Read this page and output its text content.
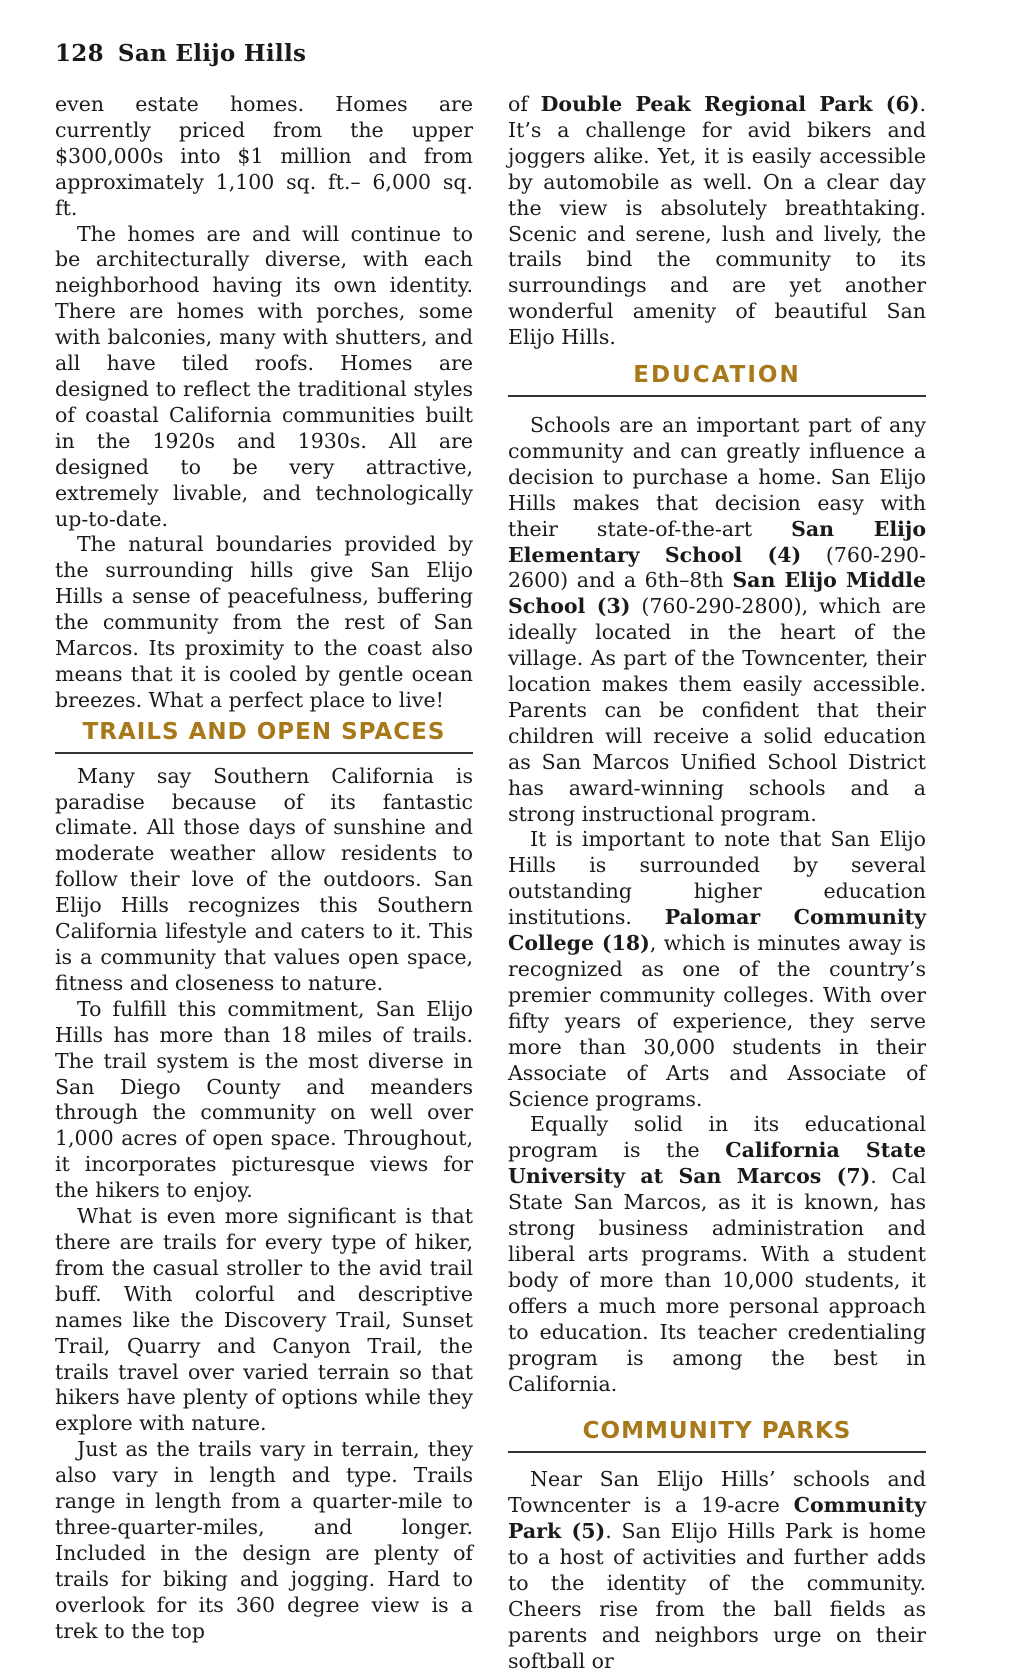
128 San Elijo Hills

even estate homes. Homes are currently priced from the upper $300,000s into $1 million and from approximately 1,100 sq. ft.– 6,000 sq. ft.

The homes are and will continue to be architecturally diverse, with each neighborhood having its own identity. There are homes with porches, some with balconies, many with shutters, and all have tiled roofs. Homes are designed to reflect the traditional styles of coastal California communities built in the 1920s and 1930s. All are designed to be very attractive, extremely livable, and technologically up-to-date.

The natural boundaries provided by the surrounding hills give San Elijo Hills a sense of peacefulness, buffering the community from the rest of San Marcos. Its proximity to the coast also means that it is cooled by gentle ocean breezes. What a perfect place to live!

TRAILS AND OPEN SPACES

Many say Southern California is paradise because of its fantastic climate. All those days of sunshine and moderate weather allow residents to follow their love of the outdoors. San Elijo Hills recognizes this Southern California lifestyle and caters to it. This is a community that values open space, fitness and closeness to nature.

To fulfill this commitment, San Elijo Hills has more than 18 miles of trails. The trail system is the most diverse in San Diego County and meanders through the community on well over 1,000 acres of open space. Throughout, it incorporates picturesque views for the hikers to enjoy.

What is even more significant is that there are trails for every type of hiker, from the casual stroller to the avid trail buff. With colorful and descriptive names like the Discovery Trail, Sunset Trail, Quarry and Canyon Trail, the trails travel over varied terrain so that hikers have plenty of options while they explore with nature.

Just as the trails vary in terrain, they also vary in length and type. Trails range in length from a quarter-mile to three-quarter-miles, and longer. Included in the design are plenty of trails for biking and jogging. Hard to overlook for its 360 degree view is a trek to the top

of Double Peak Regional Park (6). It’s a challenge for avid bikers and joggers alike. Yet, it is easily accessible by automobile as well. On a clear day the view is absolutely breathtaking. Scenic and serene, lush and lively, the trails bind the community to its surroundings and are yet another wonderful amenity of beautiful San Elijo Hills.

EDUCATION

Schools are an important part of any community and can greatly influence a decision to purchase a home. San Elijo Hills makes that decision easy with their state-of-the-art San Elijo Elementary School (4) (760-290-2600) and a 6th–8th San Elijo Middle School (3) (760-290-2800), which are ideally located in the heart of the village. As part of the Towncenter, their location makes them easily accessible. Parents can be confident that their children will receive a solid education as San Marcos Unified School District has award-winning schools and a strong instructional program.

It is important to note that San Elijo Hills is surrounded by several outstanding higher education institutions. Palomar Community College (18), which is minutes away is recognized as one of the country’s premier community colleges. With over fifty years of experience, they serve more than 30,000 students in their Associate of Arts and Associate of Science programs.

Equally solid in its educational program is the California State University at San Marcos (7). Cal State San Marcos, as it is known, has strong business administration and liberal arts programs. With a student body of more than 10,000 students, it offers a much more personal approach to education. Its teacher credentialing program is among the best in California.

COMMUNITY PARKS

Near San Elijo Hills’ schools and Towncenter is a 19-acre Community Park (5). San Elijo Hills Park is home to a host of activities and further adds to the identity of the community. Cheers rise from the ball fields as parents and neighbors urge on their softball or
